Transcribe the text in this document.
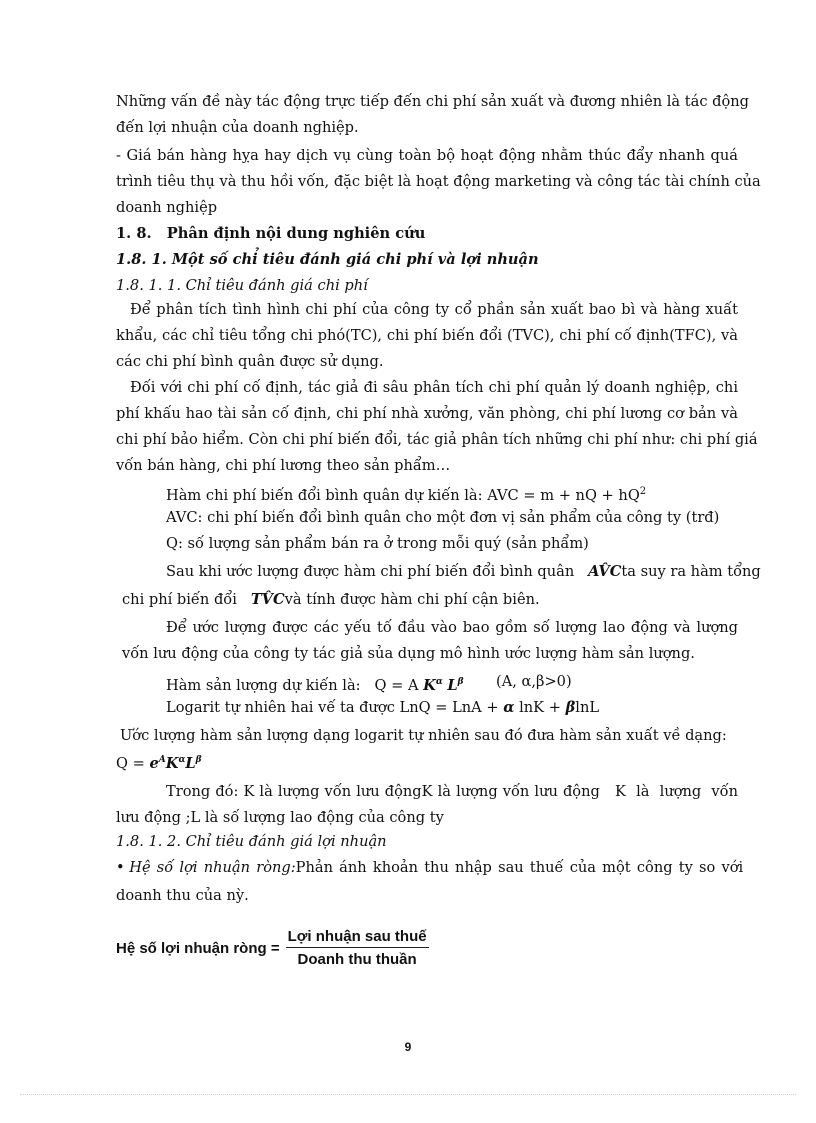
Những vấn đề này tác động trực tiếp đến chi phí sản xuất và đương nhiên là tác động
đến lợi nhuận của doanh nghiệp.
- Giá bán hàng hỵa hay dịch vụ cùng toàn bộ hoạt động nhằm thúc đẩy nhanh quá
trình tiêu thụ và thu hồi vốn, đặc biệt là hoạt động marketing và công tác tài chính của
doanh nghiệp
1. 8.   Phân định nội dung nghiên cứu
1.8. 1. Một số chỉ tiêu đánh giá chi phí và lợi nhuận
1.8. 1. 1. Chỉ tiêu đánh giá chi phí
Để phân tích tình hình chi phí của công ty cổ phần sản xuất bao bì và hàng xuất
khẩu, các chỉ tiêu tổng chi phó(TC), chi phí biến đổi (TVC), chi phí cố định(TFC), và
các chi phí bình quân được sử dụng.
Đối với chi phí cố định, tác giả đi sâu phân tích chi phí quản lý doanh nghiệp, chi
phí khấu hao tài sản cố định, chi phí nhà xưởng, văn phòng, chi phí lương cơ bản và
chi phí bảo hiểm. Còn chi phí biến đổi, tác giả phân tích những chi phí như: chi phí giá
vốn bán hàng, chi phí lương theo sản phẩm…
Hàm chi phí biến đổi bình quân dự kiến là: AVC = m + nQ + $hQ^2$
AVC: chi phí biến đổi bình quân cho một đơn vị sản phẩm của công ty (trđ)
Q: số lượng sản phẩm bán ra ở trong mỗi quý (sản phẩm)
Sau khi ước lượng được hàm chi phí biến đổi bình quân AV̂Cta suy ra hàm tổng
chi phí biến đổi TV̂Cvà tính được hàm chi phí cận biên.
Để ước lượng được các yếu tố đầu vào bao gồm số lượng lao động và lượng
vốn lưu động của công ty tác giả sủa dụng mô hình ước lượng hàm sản lượng.
Hàm sản lượng dự kiến là: Q = A $K^\alpha$ $L^\beta$ (A, α,β>0)
Logarit tự nhiên hai vế ta được LnQ = LnA + α lnK + βlnL
Ước lượng hàm sản lượng dạng logarit tự nhiên sau đó đưa hàm sản xuất về dạng:
$Q = e^AK^\alpha L^\beta$
Trong đó: K là lượng vốn lưu độngK là lượng vốn lưu động   K  là  lượng  vốn
lưu động ;L là số lượng lao động của công ty
1.8. 1. 2. Chỉ tiêu đánh giá lợi nhuận
• Hệ số lợi nhuận ròng:Phản ánh khoản thu nhập sau thuế của một công ty so với
doanh thu của nỳ.
Hệ số lợi nhuận ròng = $\frac{\text{Lợi nhuận sau thuế}}{\text{Doanh thu thuần}}$
9
